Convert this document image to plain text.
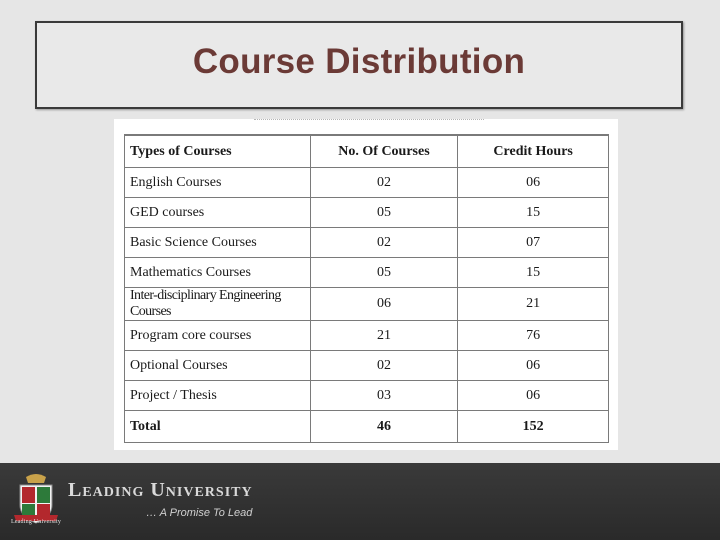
Course Distribution
Types of Courses	No. Of Courses	Credit Hours
English Courses	02	06
GED courses	05	15
Basic Science Courses	02	07
Mathematics Courses	05	15
Inter-disciplinary Engineering Courses	06	21
Program core courses	21	76
Optional Courses	02	06
Project / Thesis	03	06
Total	46	152
Leading University
Leading University
… A Promise To Lead
